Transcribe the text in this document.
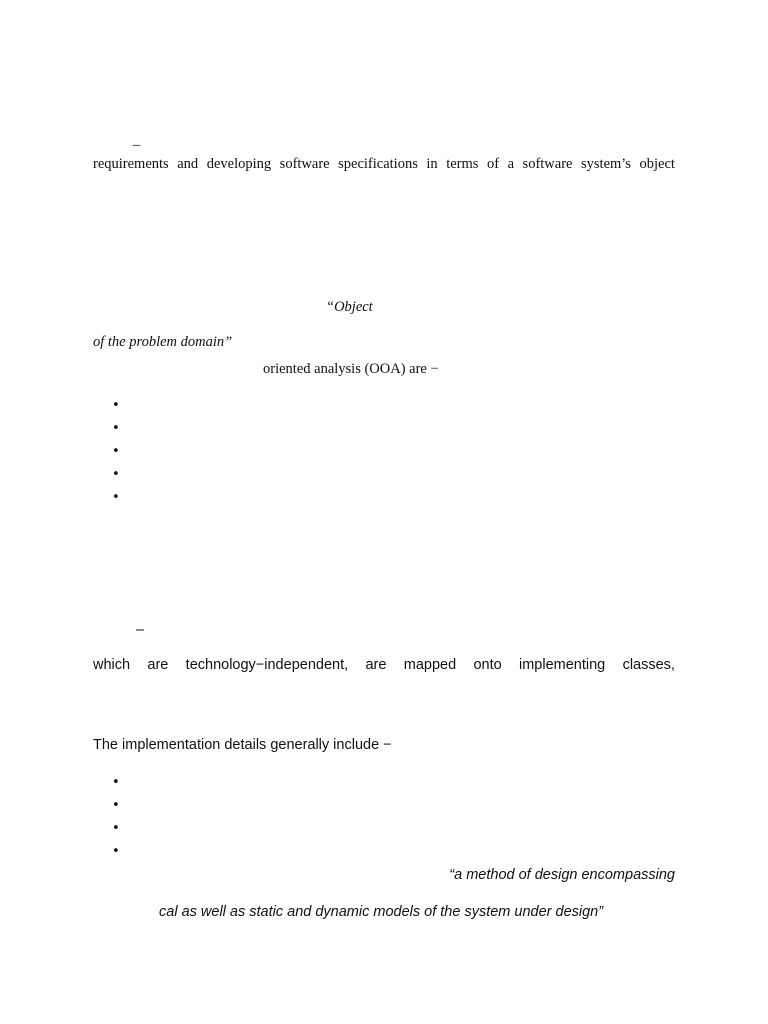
–
requirements and developing software specifications in terms of a software system’s object
“Object
of the problem domain”
oriented analysis (OOA) are −
•
•
•
•
•
–
which are technology−independent, are mapped onto implementing classes,
The implementation details generally include −
•
•
•
•
“a method of design encompassing
cal as well as static and dynamic models of the system under design”
